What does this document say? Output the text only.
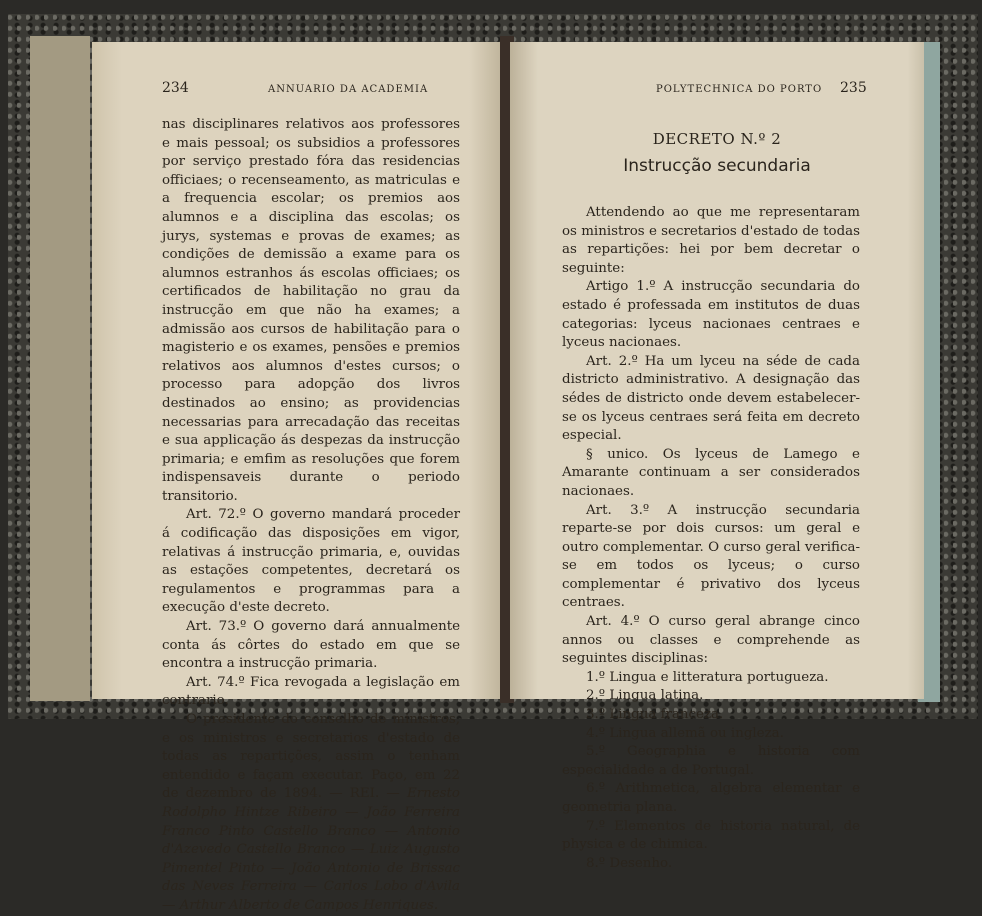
234	ANNUARIO DA ACADEMIA

nas disciplinares relativos aos professores e mais pessoal; os subsidios a professores por serviço prestado fóra das residencias officiaes; o recenseamento, as matriculas e a frequencia escolar; os premios aos alumnos e a disciplina das escolas; os jurys, systemas e provas de exames; as condições de demissão a exame para os alumnos estranhos ás escolas officiaes; os certificados de habilitação no grau da instrucção em que não ha exames; a admissão aos cursos de habilitação para o magisterio e os exames, pensões e premios relativos aos alumnos d'estes cursos; o processo para adopção dos livros destinados ao ensino; as providencias necessarias para arrecadação das receitas e sua applicação ás despezas da instrucção primaria; e emfim as resoluções que forem indispensaveis durante o periodo transitorio.

Art. 72.º O governo mandará proceder á codificação das disposições em vigor, relativas á instrucção primaria, e, ouvidas as estações competentes, decretará os regulamentos e programmas para a execução d'este decreto.

Art. 73.º O governo dará annualmente conta ás côrtes do estado em que se encontra a instrucção primaria.

Art. 74.º Fica revogada a legislação em contrario.

O presidente do conselho de ministros, e os ministros e secretarios d'estado de todas as repartições, assim o tenham entendido e façam executar. Paço, em 22 de dezembro de 1894. — REI. — Ernesto Rodolpho Hintze Ribeiro — João Ferreira Franco Pinto Castello Branco — Antonio d'Azevedo Castello Branco — Luiz Augusto Pimentel Pinto — João Antonio de Brissac das Neves Ferreira — Carlos Lobo d'Avila — Arthur Alberto de Campos Henriques.

POLYTECHNICA DO PORTO 235
DECRETO N.º 2
Instrucção secundaria

Attendendo ao que me representaram os ministros e secretarios d'estado de todas as repartições: hei por bem decretar o seguinte:

Artigo 1.º A instrucção secundaria do estado é professada em institutos de duas categorias: lyceus nacionaes centraes e lyceus nacionaes.

Art. 2.º Ha um lyceu na séde de cada districto administrativo. A designação das sédes de districto onde devem estabelecer-se os lyceus centraes será feita em decreto especial.

§ unico. Os lyceus de Lamego e Amarante continuam a ser considerados nacionaes.

Art. 3.º A instrucção secundaria reparte-se por dois cursos: um geral e outro complementar. O curso geral verifica-se em todos os lyceus; o curso complementar é privativo dos lyceus centraes.

Art. 4.º O curso geral abrange cinco annos ou classes e comprehende as seguintes disciplinas:

1.º Lingua e litteratura portugueza.

2.º Lingua latina.

3.º Lingua franceza.

4.º Lingua allemã ou ingleza.

5.º Geographia e historia com especialidade a de Portugal.

6.º Arithmetica, algebra elementar e geometria plana.

7.º Elementos de historia natural, de physica e de chimica.

8.º Desenho.
